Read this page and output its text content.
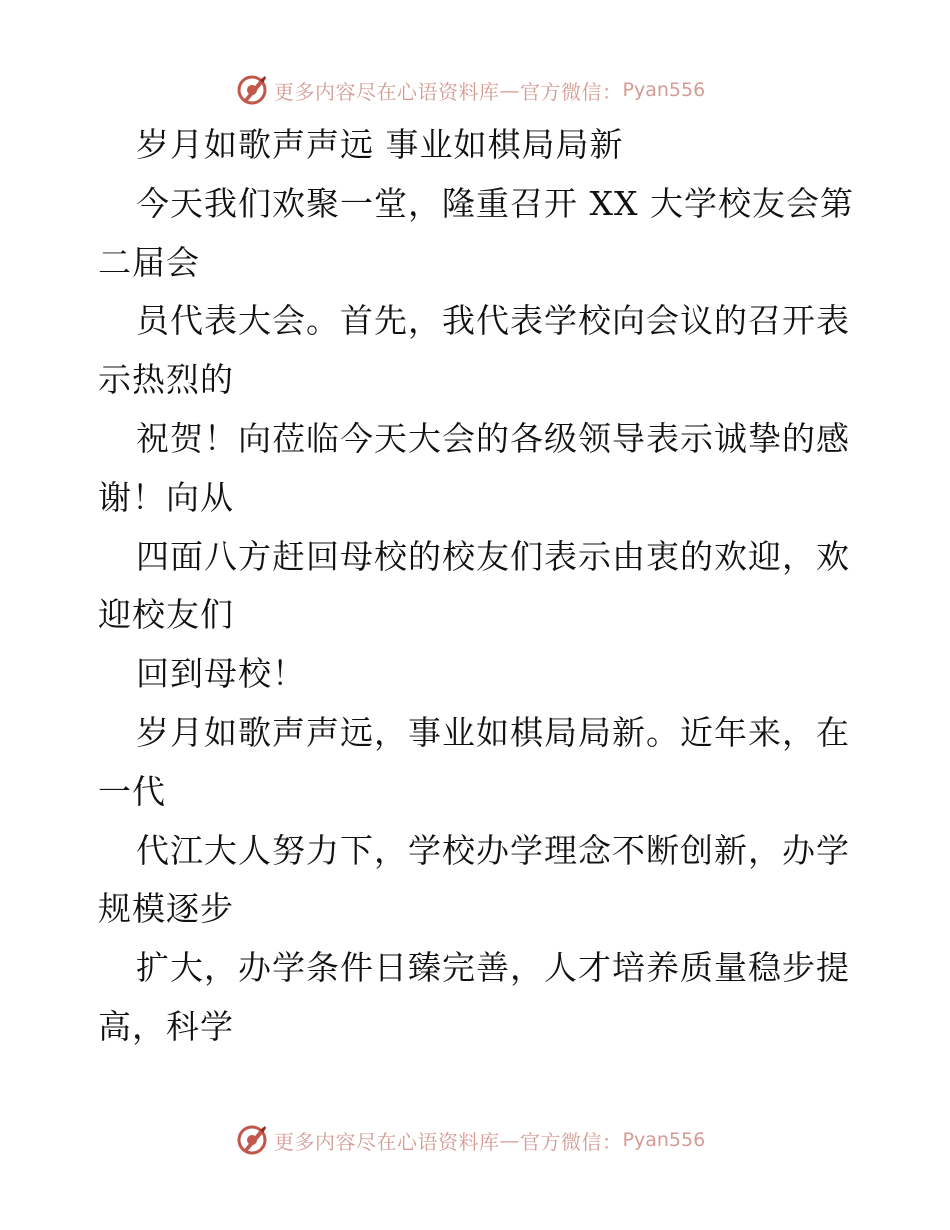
更多内容尽在心语资料库 — 官方微信： Pyan556
岁月如歌声声远 事业如棋局局新
今天我们欢聚一堂，隆重召开 XX 大学校友会第
二届会
员代表大会。首先，我代表学校向会议的召开表
示热烈的
祝贺！向莅临今天大会的各级领导表示诚挚的感
谢！向从
四面八方赶回母校的校友们表示由衷的欢迎，欢
迎校友们
回到母校！
岁月如歌声声远，事业如棋局局新。近年来，在
一代
代江大人努力下，学校办学理念不断创新，办学
规模逐步
扩大，办学条件日臻完善，人才培养质量稳步提
高，科学
更多内容尽在心语资料库 — 官方微信： Pyan556
